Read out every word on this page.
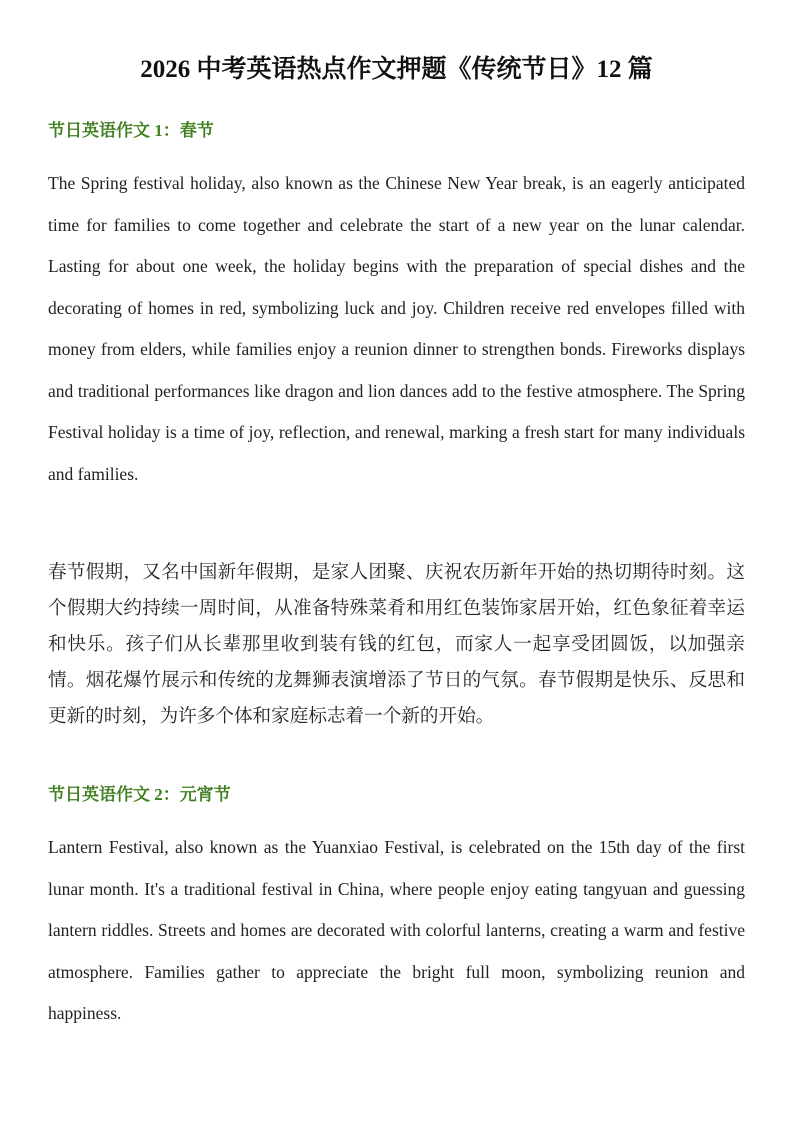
2026 中考英语热点作文押题《传统节日》12 篇
节日英语作文 1：春节

The Spring festival holiday, also known as the Chinese New Year break, is an eagerly anticipated time for families to come together and celebrate the start of a new year on the lunar calendar. Lasting for about one week, the holiday begins with the preparation of special dishes and the decorating of homes in red, symbolizing luck and joy. Children receive red envelopes filled with money from elders, while families enjoy a reunion dinner to strengthen bonds. Fireworks displays and traditional performances like dragon and lion dances add to the festive atmosphere. The Spring Festival holiday is a time of joy, reflection, and renewal, marking a fresh start for many individuals and families.

春节假期，又名中国新年假期，是家人团聚、庆祝农历新年开始的热切期待时刻。这个假期大约持续一周时间，从准备特殊菜肴和用红色装饰家居开始，红色象征着幸运和快乐。孩子们从长辈那里收到装有钱的红包，而家人一起享受团圆饭，以加强亲情。烟花爆竹展示和传统的龙舞狮表演增添了节日的气氛。春节假期是快乐、反思和更新的时刻，为许多个体和家庭标志着一个新的开始。

节日英语作文 2：元宵节

Lantern Festival, also known as the Yuanxiao Festival, is celebrated on the 15th day of the first lunar month. It's a traditional festival in China, where people enjoy eating tangyuan and guessing lantern riddles. Streets and homes are decorated with colorful lanterns, creating a warm and festive atmosphere. Families gather to appreciate the bright full moon, symbolizing reunion and happiness.
